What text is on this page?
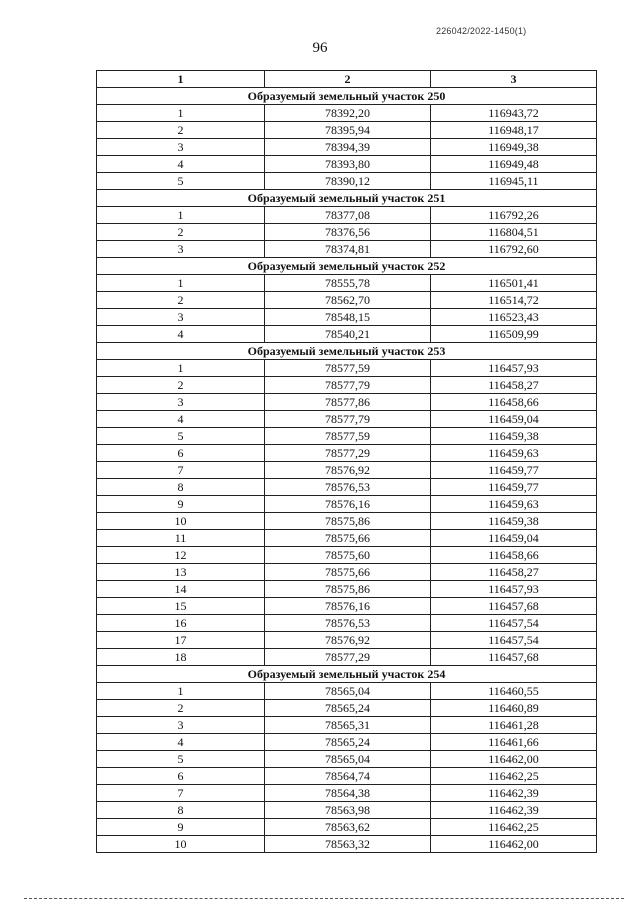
226042/2022-1450(1)
96
1	2	3
Образуемый земельный участок 250		
1	78392,20	116943,72
2	78395,94	116948,17
3	78394,39	116949,38
4	78393,80	116949,48
5	78390,12	116945,11
Образуемый земельный участок 251		
1	78377,08	116792,26
2	78376,56	116804,51
3	78374,81	116792,60
Образуемый земельный участок 252		
1	78555,78	116501,41
2	78562,70	116514,72
3	78548,15	116523,43
4	78540,21	116509,99
Образуемый земельный участок 253		
1	78577,59	116457,93
2	78577,79	116458,27
3	78577,86	116458,66
4	78577,79	116459,04
5	78577,59	116459,38
6	78577,29	116459,63
7	78576,92	116459,77
8	78576,53	116459,77
9	78576,16	116459,63
10	78575,86	116459,38
11	78575,66	116459,04
12	78575,60	116458,66
13	78575,66	116458,27
14	78575,86	116457,93
15	78576,16	116457,68
16	78576,53	116457,54
17	78576,92	116457,54
18	78577,29	116457,68
Образуемый земельный участок 254		
1	78565,04	116460,55
2	78565,24	116460,89
3	78565,31	116461,28
4	78565,24	116461,66
5	78565,04	116462,00
6	78564,74	116462,25
7	78564,38	116462,39
8	78563,98	116462,39
9	78563,62	116462,25
10	78563,32	116462,00
